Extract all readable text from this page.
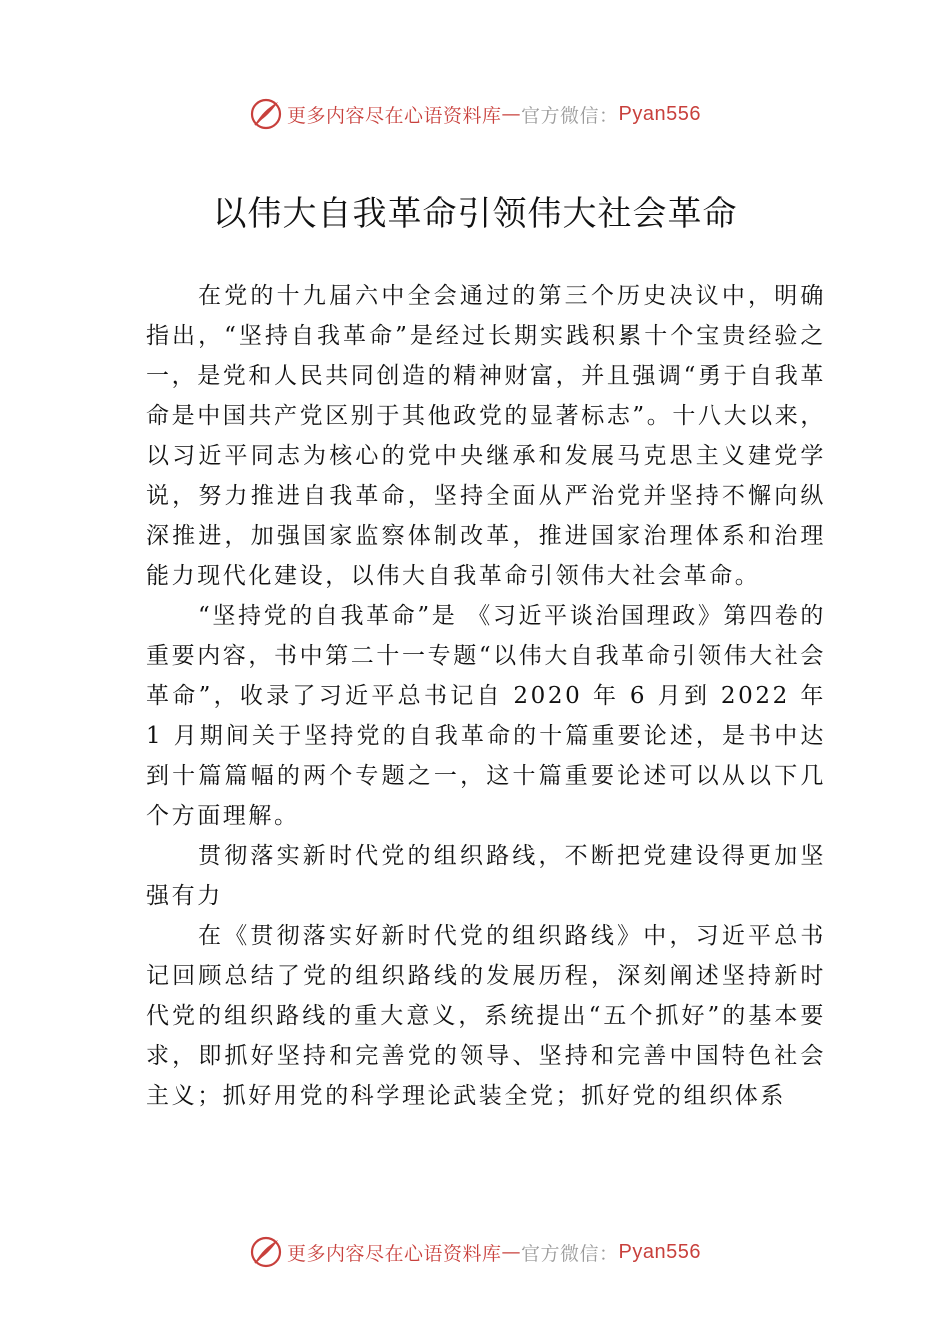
更多内容尽在心语资料库 — 官方微信： Pyan556
以伟大自我革命引领伟大社会革命

在党的十九届六中全会通过的第三个历史决议中，明确指出，“坚持自我革命”是经过长期实践积累十个宝贵经验之一，是党和人民共同创造的精神财富，并且强调“勇于自我革命是中国共产党区别于其他政党的显著标志”。十八大以来，以习近平同志为核心的党中央继承和发展马克思主义建党学说，努力推进自我革命，坚持全面从严治党并坚持不懈向纵深推进，加强国家监察体制改革，推进国家治理体系和治理能力现代化建设，以伟大自我革命引领伟大社会革命。

“坚持党的自我革命”是 《习近平谈治国理政》第四卷的重要内容，书中第二十一专题“以伟大自我革命引领伟大社会革命”，收录了习近平总书记自 2020 年 6 月到 2022 年 1 月期间关于坚持党的自我革命的十篇重要论述，是书中达到十篇篇幅的两个专题之一，这十篇重要论述可以从以下几个方面理解。

贯彻落实新时代党的组织路线，不断把党建设得更加坚强有力

在《贯彻落实好新时代党的组织路线》中，习近平总书记回顾总结了党的组织路线的发展历程，深刻阐述坚持新时代党的组织路线的重大意义，系统提出“五个抓好”的基本要求，即抓好坚持和完善党的领导、坚持和完善中国特色社会主义；抓好用党的科学理论武装全党；抓好党的组织体系

更多内容尽在心语资料库 — 官方微信： Pyan556
